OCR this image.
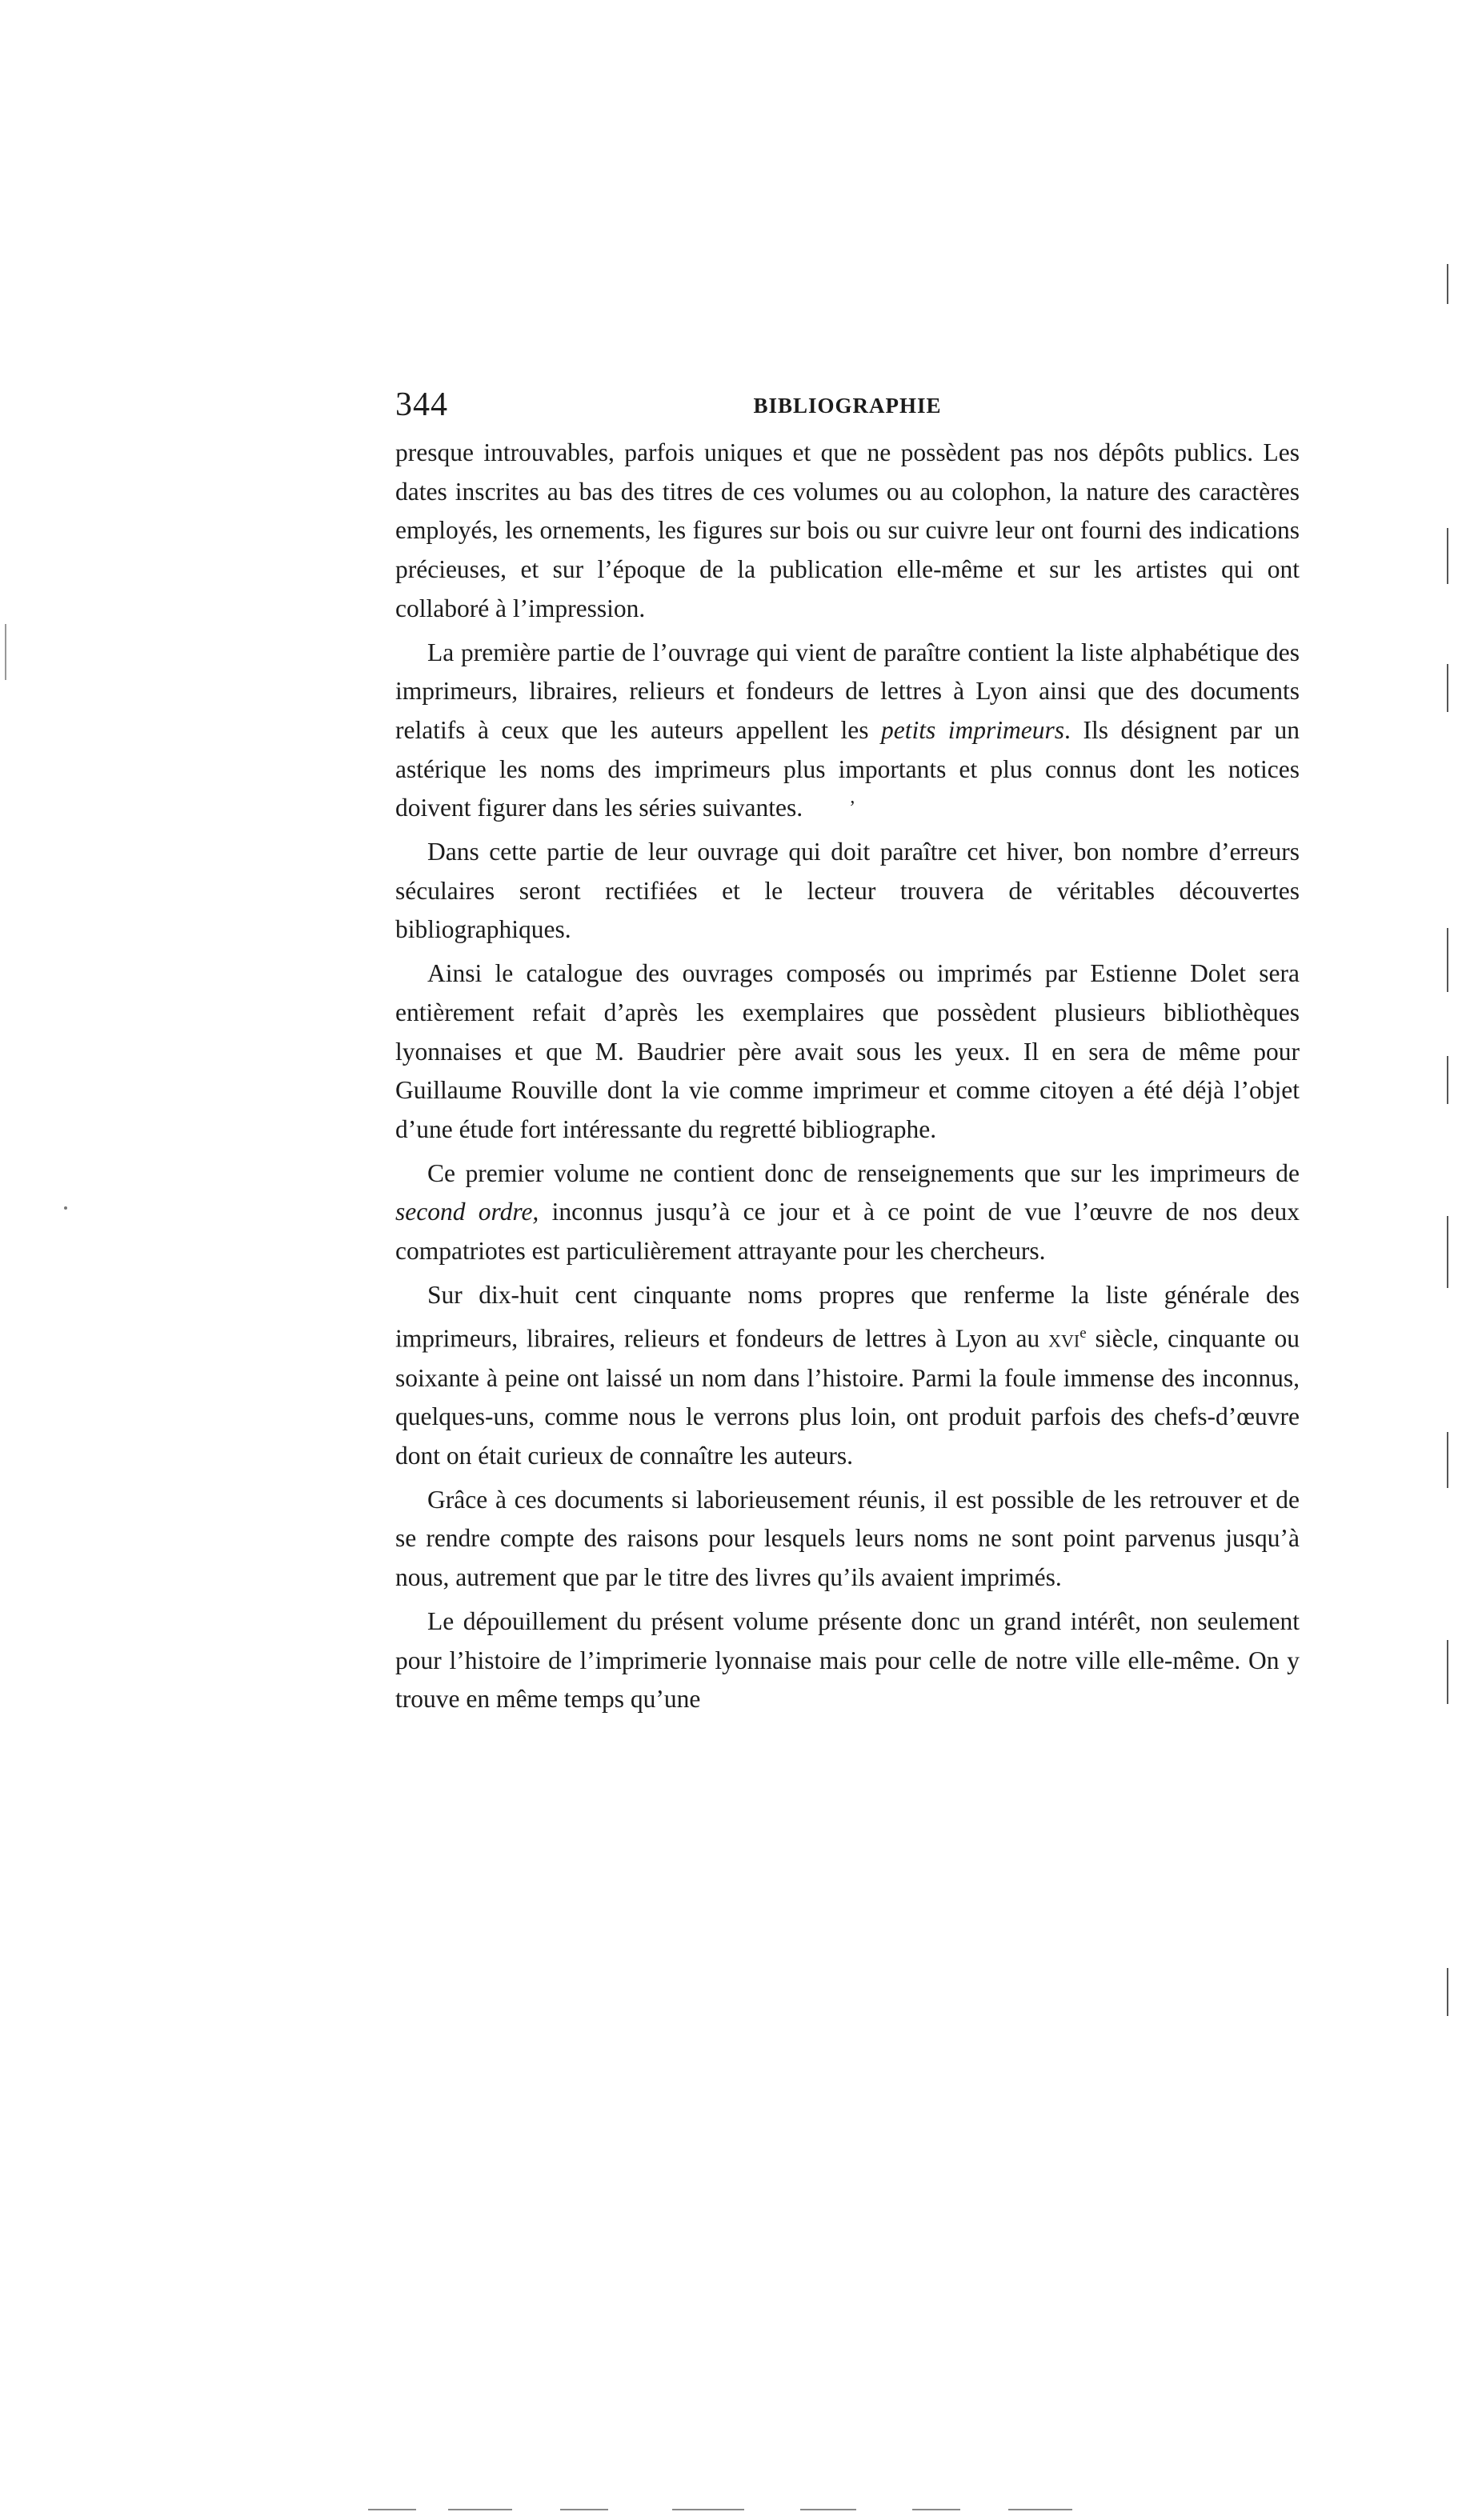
344	BIBLIOGRAPHIE

presque introuvables, parfois uniques et que ne possèdent pas nos dépôts publics. Les dates inscrites au bas des titres de ces volumes ou au colophon, la nature des caractères employés, les ornements, les figures sur bois ou sur cuivre leur ont fourni des indications précieuses, et sur l’époque de la publication elle-même et sur les artistes qui ont collaboré à l’impression.

La première partie de l’ouvrage qui vient de paraître contient la liste alphabétique des imprimeurs, libraires, relieurs et fondeurs de lettres à Lyon ainsi que des documents relatifs à ceux que les auteurs appellent les petits imprimeurs. Ils désignent par un astérique les noms des imprimeurs plus importants et plus connus dont les notices doivent figurer dans les séries suivantes. ’

Dans cette partie de leur ouvrage qui doit paraître cet hiver, bon nombre d’erreurs séculaires seront rectifiées et le lecteur trouvera de véritables découvertes bibliographiques.

Ainsi le catalogue des ouvrages composés ou imprimés par Estienne Dolet sera entièrement refait d’après les exemplaires que possèdent plusieurs bibliothèques lyonnaises et que M. Baudrier père avait sous les yeux. Il en sera de même pour Guillaume Rouville dont la vie comme imprimeur et comme citoyen a été déjà l’objet d’une étude fort intéressante du regretté bibliographe.

Ce premier volume ne contient donc de renseignements que sur les imprimeurs de second ordre, inconnus jusqu’à ce jour et à ce point de vue l’œuvre de nos deux compatriotes est particulièrement attrayante pour les chercheurs.

Sur dix-huit cent cinquante noms propres que renferme la liste générale des imprimeurs, libraires, relieurs et fondeurs de lettres à Lyon au xvi$^e$ siècle, cinquante ou soixante à peine ont laissé un nom dans l’histoire. Parmi la foule immense des inconnus, quelques-uns, comme nous le verrons plus loin, ont produit parfois des chefs-d’œuvre dont on était curieux de connaître les auteurs.

Grâce à ces documents si laborieusement réunis, il est possible de les retrouver et de se rendre compte des raisons pour lesquels leurs noms ne sont point parvenus jusqu’à nous, autrement que par le titre des livres qu’ils avaient imprimés.

Le dépouillement du présent volume présente donc un grand intérêt, non seulement pour l’histoire de l’imprimerie lyonnaise mais pour celle de notre ville elle-même. On y trouve en même temps qu’une
